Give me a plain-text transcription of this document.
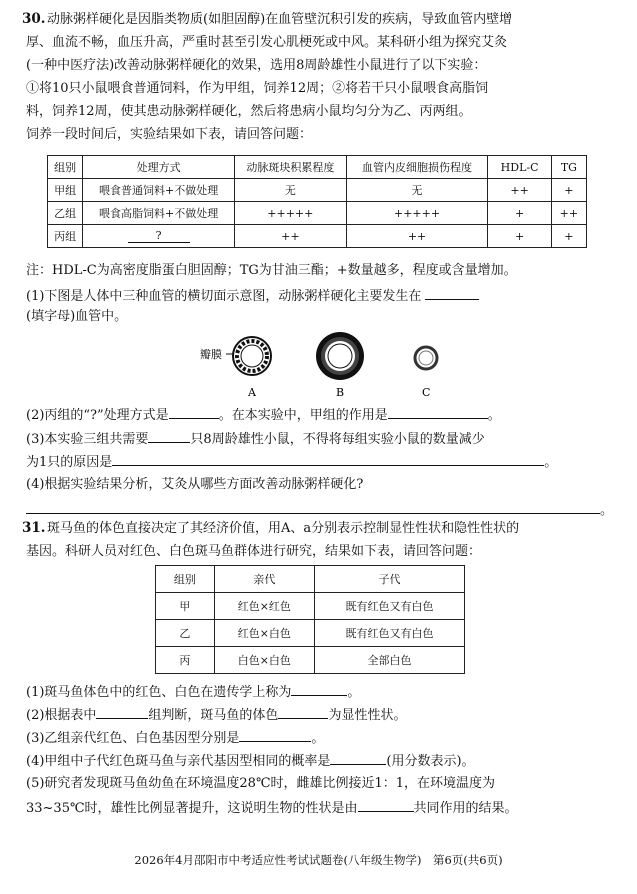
30. 动脉粥样硬化是因脂类物质(如胆固醇)在血管壁沉积引发的疾病，导致血管内壁增
厚、血流不畅，血压升高，严重时甚至引发心肌梗死或中风。某科研小组为探究艾灸
(一种中医疗法)改善动脉粥样硬化的效果，选用8周龄雄性小鼠进行了以下实验：
①将10只小鼠喂食普通饲料，作为甲组，饲养12周；②将若干只小鼠喂食高脂饲
料，饲养12周，使其患动脉粥样硬化，然后将患病小鼠均匀分为乙、丙两组。
饲养一段时间后，实验结果如下表，请回答问题：
组别	处理方式	动脉斑块积累程度	血管内皮细胞损伤程度	HDL-C	TG
甲组	喂食普通饲料+不做处理	无	无	++	+
乙组	喂食高脂饲料+不做处理	+++++	+++++	+	++
丙组	?	++	++	+	+
注：HDL-C为高密度脂蛋白胆固醇；TG为甘油三酯；+数量越多，程度或含量增加。
(1)下图是人体中三种血管的横切面示意图，动脉粥样硬化主要发生在
(填字母)血管中。
瓣膜
A	B	C
(2)丙组的“?”处理方式是	。在本实验中，甲组的作用是	。
(3)本实验三组共需要	只8周龄雄性小鼠，不得将每组实验小鼠的数量减少
为1只的原因是	。
(4)根据实验结果分析，艾灸从哪些方面改善动脉粥样硬化?
。
31. 斑马鱼的体色直接决定了其经济价值，用A、a分别表示控制显性性状和隐性性状的
基因。科研人员对红色、白色斑马鱼群体进行研究，结果如下表，请回答问题：
组别	亲代	子代
甲	红色×红色	既有红色又有白色
乙	红色×白色	既有红色又有白色
丙	白色×白色	全部白色
(1)斑马鱼体色中的红色、白色在遗传学上称为	。
(2)根据表中	组判断，斑马鱼的体色	为显性性状。
(3)乙组亲代红色、白色基因型分别是	。
(4)甲组中子代红色斑马鱼与亲代基因型相同的概率是	(用分数表示)。
(5)研究者发现斑马鱼幼鱼在环境温度28℃时，雌雄比例接近1：1，在环境温度为
33~35℃时，雄性比例显著提升，这说明生物的性状是由	共同作用的结果。
2026年4月邵阳市中考适应性考试试题卷(八年级生物学)　第6页(共6页)
